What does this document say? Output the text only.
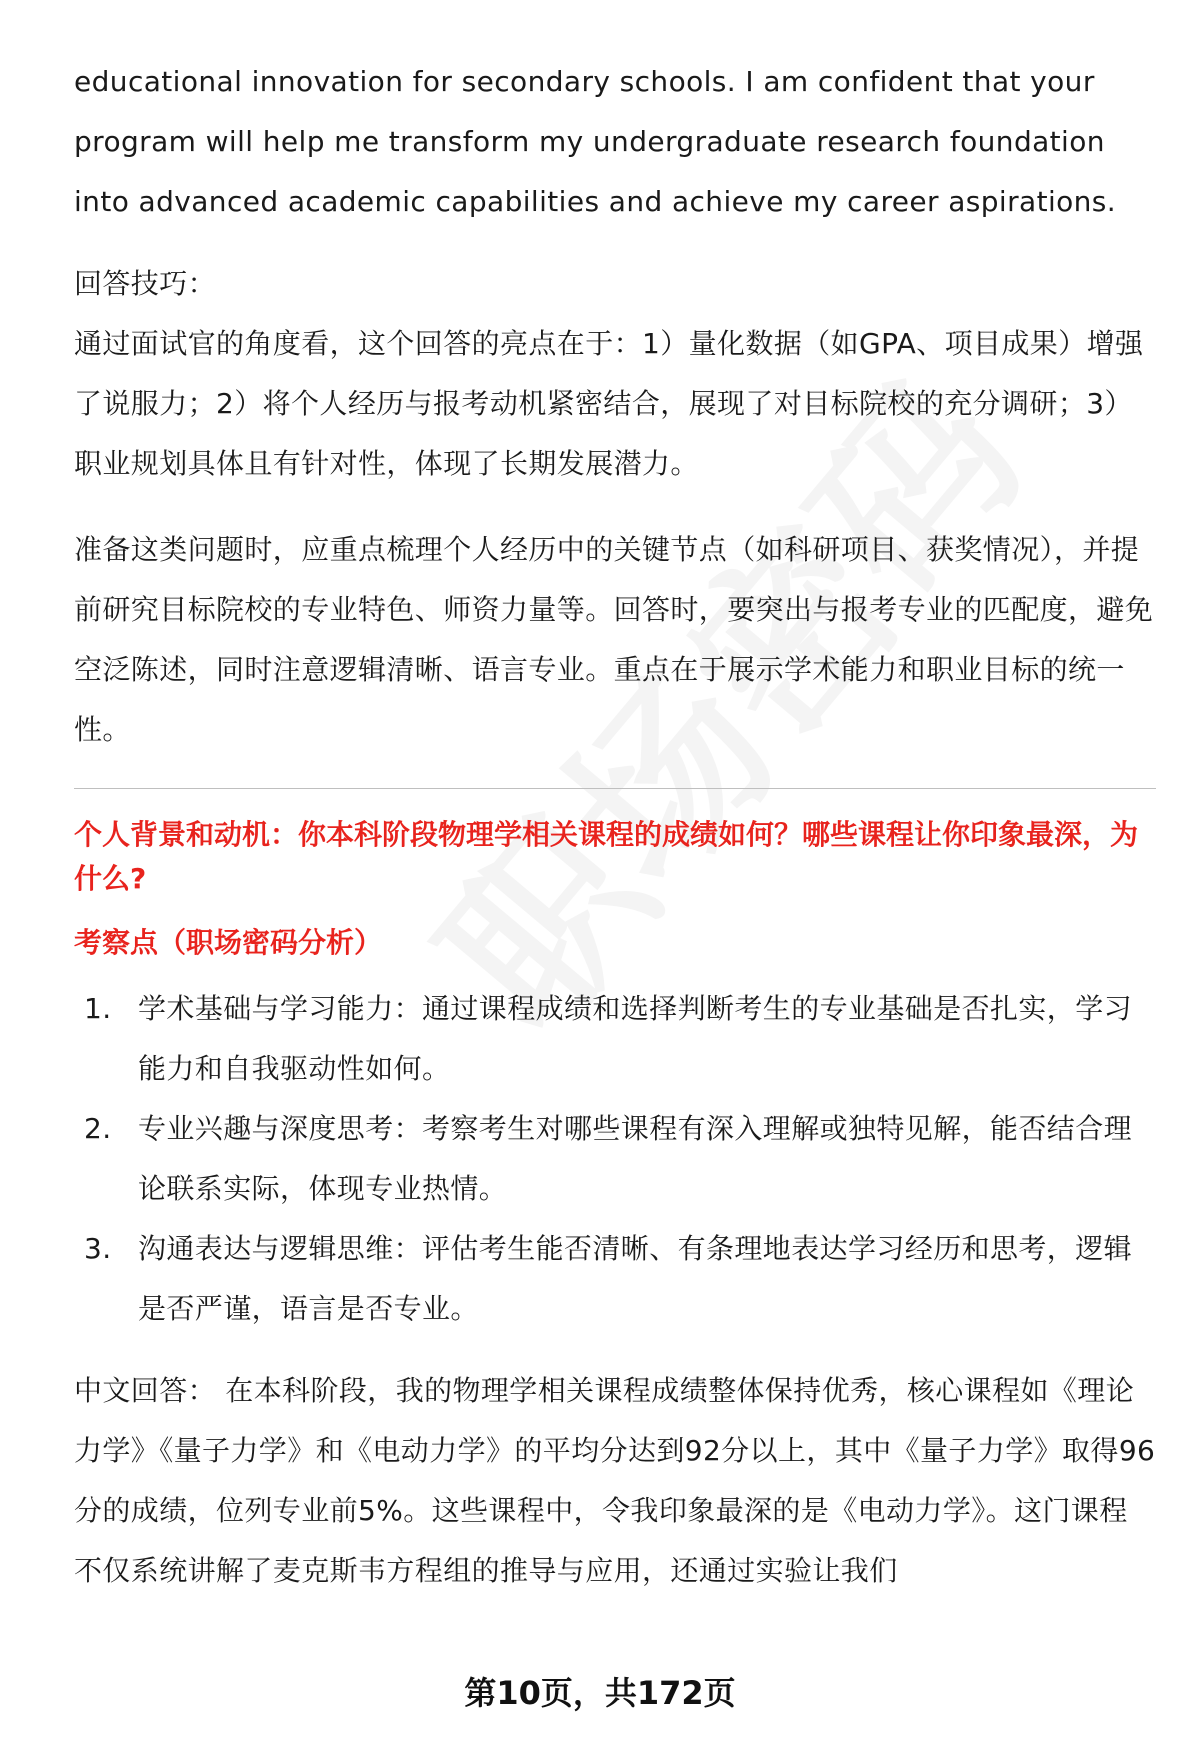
educational innovation for secondary schools. I am confident that your program will help me transform my undergraduate research foundation into advanced academic capabilities and achieve my career aspirations.

回答技巧：

通过面试官的角度看，这个回答的亮点在于：1）量化数据（如GPA、项目成果）增强了说服力；2）将个人经历与报考动机紧密结合，展现了对目标院校的充分调研；3）职业规划具体且有针对性，体现了长期发展潜力。

准备这类问题时，应重点梳理个人经历中的关键节点（如科研项目、获奖情况），并提前研究目标院校的专业特色、师资力量等。回答时，要突出与报考专业的匹配度，避免空泛陈述，同时注意逻辑清晰、语言专业。重点在于展示学术能力和职业目标的统一性。

个人背景和动机：你本科阶段物理学相关课程的成绩如何？哪些课程让你印象最深，为什么?

考察点（职场密码分析）

1. 学术基础与学习能力：通过课程成绩和选择判断考生的专业基础是否扎实，学习能力和自我驱动性如何。
2. 专业兴趣与深度思考：考察考生对哪些课程有深入理解或独特见解，能否结合理论联系实际，体现专业热情。
3. 沟通表达与逻辑思维：评估考生能否清晰、有条理地表达学习经历和思考，逻辑是否严谨，语言是否专业。

中文回答： 在本科阶段，我的物理学相关课程成绩整体保持优秀，核心课程如《理论力学》《量子力学》和《电动力学》的平均分达到92分以上，其中《量子力学》取得96分的成绩，位列专业前5%。这些课程中，令我印象最深的是《电动力学》。这门课程不仅系统讲解了麦克斯韦方程组的推导与应用，还通过实验让我们

第10页，共172页
